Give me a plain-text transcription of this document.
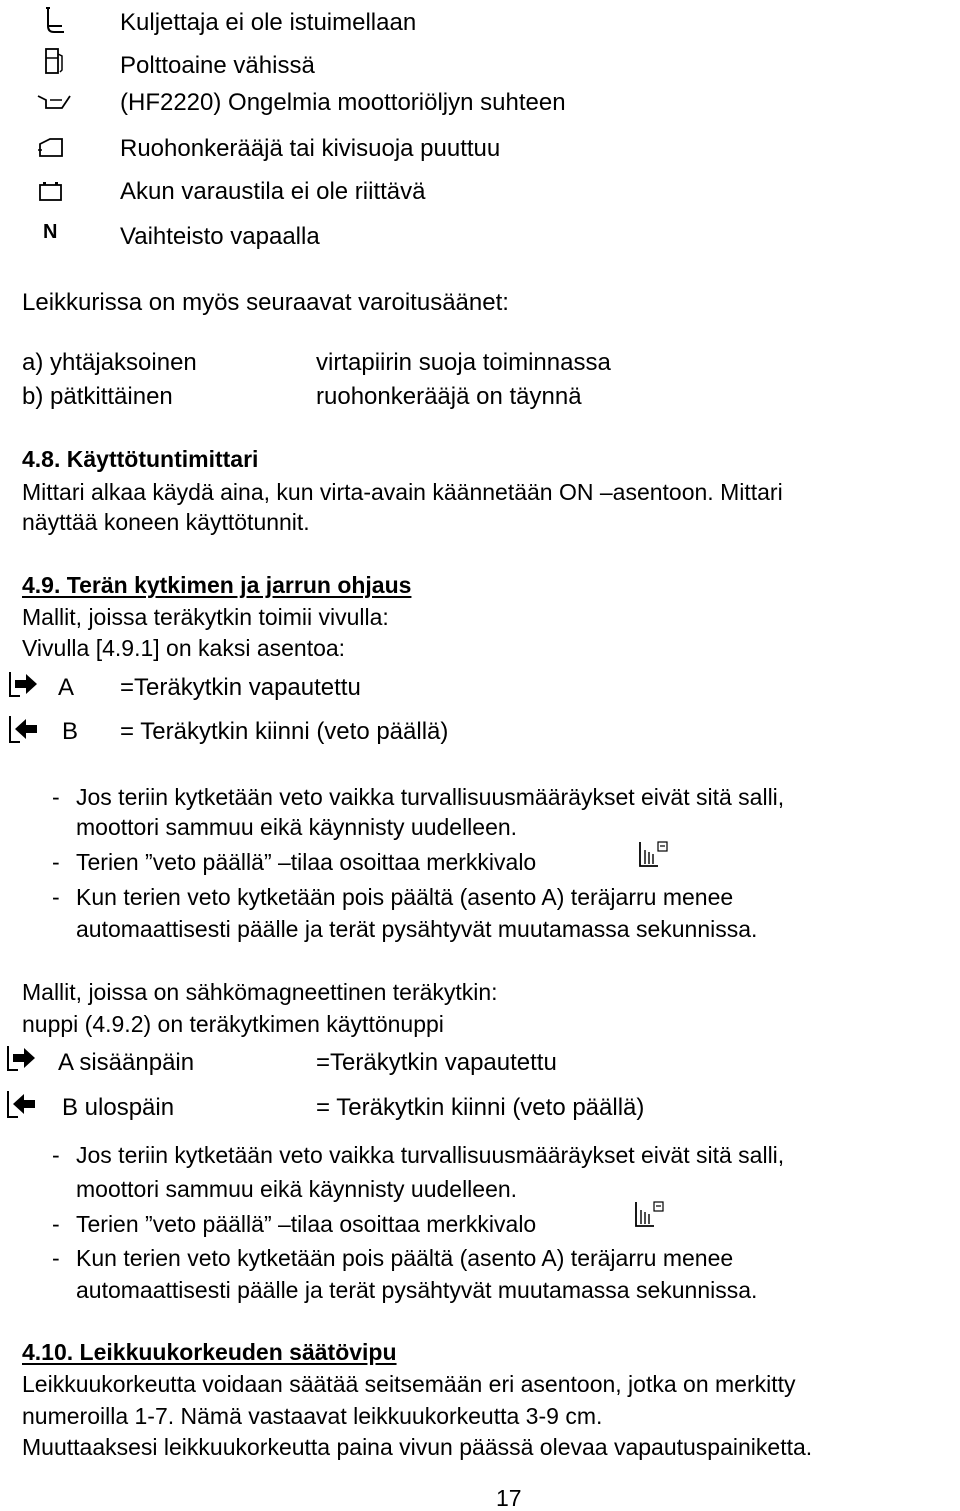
N
Kuljettaja ei ole istuimellaan
Polttoaine vähissä
(HF2220) Ongelmia moottoriöljyn suhteen
Ruohonkerääjä tai kivisuoja puuttuu
Akun varaustila ei ole riittävä
Vaihteisto vapaalla
Leikkurissa on myös seuraavat varoitusäänet:
a) yhtäjaksoinen	virtapiirin suoja toiminnassa
b) pätkittäinen	ruohonkerääjä on täynnä
4.8. Käyttötuntimittari
Mittari alkaa käydä aina, kun virta-avain käännetään ON –asentoon. Mittari
näyttää koneen käyttötunnit.
4.9. Terän kytkimen ja jarrun ohjaus
Mallit, joissa teräkytkin toimii vivulla:
Vivulla [4.9.1] on kaksi asentoa:
A =Teräkytkin vapautettu
B = Teräkytkin kiinni (veto päällä)
- Jos teriin kytketään veto vaikka turvallisuusmääräykset eivät sitä salli,
moottori sammuu eikä käynnisty uudelleen.
- Terien ”veto päällä” –tilaa osoittaa merkkivalo
- Kun terien veto kytketään pois päältä (asento A) teräjarru menee
automaattisesti päälle ja terät pysähtyvät muutamassa sekunnissa.
Mallit, joissa on sähkömagneettinen teräkytkin:
nuppi (4.9.2) on teräkytkimen käyttönuppi
A sisäänpäin	=Teräkytkin vapautettu
B ulospäin	= Teräkytkin kiinni (veto päällä)
- Jos teriin kytketään veto vaikka turvallisuusmääräykset eivät sitä salli,
moottori sammuu eikä käynnisty uudelleen.
- Terien ”veto päällä” –tilaa osoittaa merkkivalo
- Kun terien veto kytketään pois päältä (asento A) teräjarru menee
automaattisesti päälle ja terät pysähtyvät muutamassa sekunnissa.
4.10. Leikkuukorkeuden säätövipu
Leikkuukorkeutta voidaan säätää seitsemään eri asentoon, jotka on merkitty
numeroilla 1-7. Nämä vastaavat leikkuukorkeutta 3-9 cm.
Muuttaaksesi leikkuukorkeutta paina vivun päässä olevaa vapautuspainiketta.
17
